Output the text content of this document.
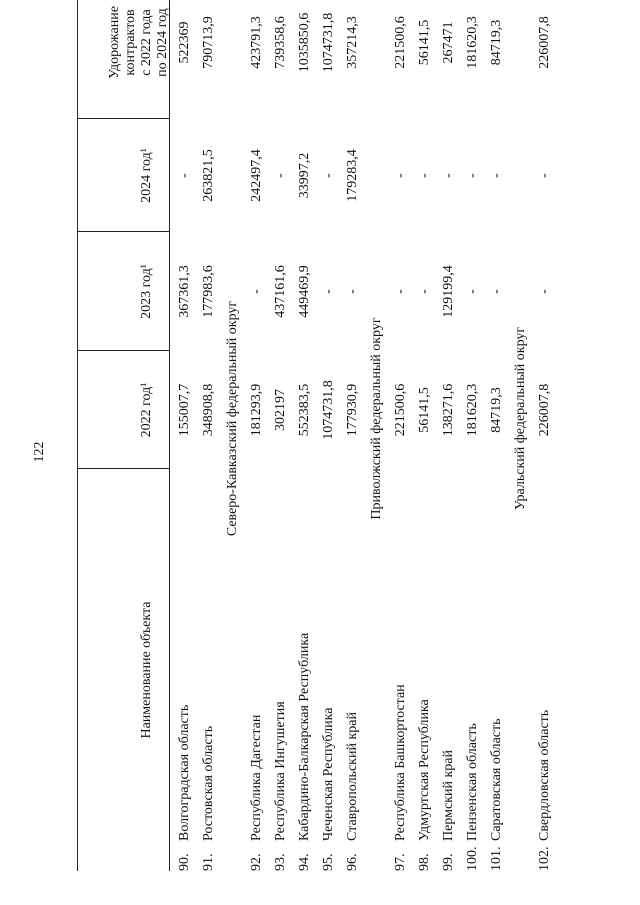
122
Наименование объекта
2022 год¹
2023 год¹
2024 год¹
Удорожание контрактов с 2022 года по 2024 год
90.
Волгоградская область
155007,7
367361,3
-
522369
91.
Ростовская область
348908,8
177983,6
263821,5
790713,9
Северо-Кавказский федеральный округ
92.
Республика Дагестан
181293,9
-
242497,4
423791,3
93.
Республика Ингушетия
302197
437161,6
-
739358,6
94.
Кабардино-Балкарская Республика
552383,5
449469,9
33997,2
1035850,6
95.
Чеченская Республика
1074731,8
-
-
1074731,8
96.
Ставропольский край
177930,9
-
179283,4
357214,3
Приволжский федеральный округ
97.
Республика Башкортостан
221500,6
-
-
221500,6
98.
Удмуртская Республика
56141,5
-
-
56141,5
99.
Пермский край
138271,6
129199,4
-
267471
100.
Пензенская область
181620,3
-
-
181620,3
101.
Саратовская область
84719,3
-
-
84719,3
Уральский федеральный округ
102.
Свердловская область
226007,8
-
-
226007,8
